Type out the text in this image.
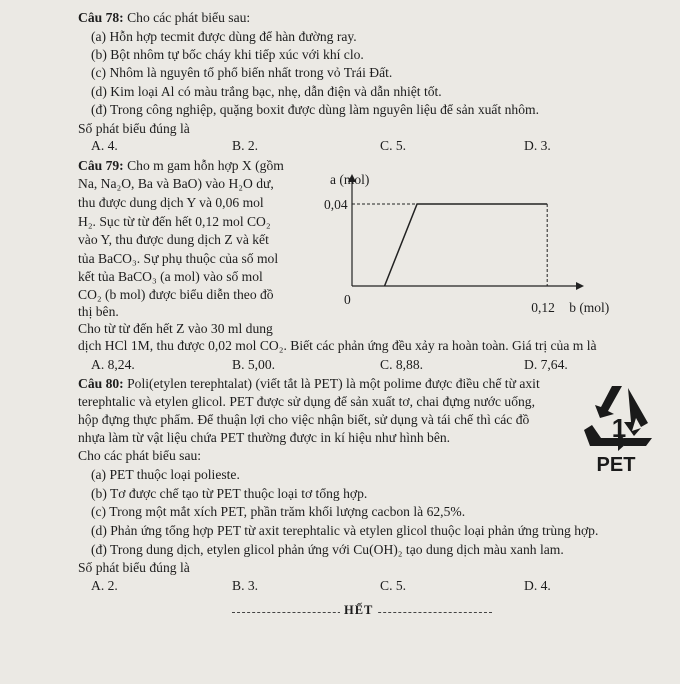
Câu 78: Cho các phát biểu sau:
(a) Hỗn hợp tecmit được dùng để hàn đường ray.
(b) Bột nhôm tự bốc cháy khi tiếp xúc với khí clo.
(c) Nhôm là nguyên tố phổ biến nhất trong vỏ Trái Đất.
(d) Kim loại Al có màu trắng bạc, nhẹ, dẫn điện và dẫn nhiệt tốt.
(đ) Trong công nghiệp, quặng boxit được dùng làm nguyên liệu để sản xuất nhôm.
Số phát biểu đúng là
A. 4.	B. 2.	C. 5.	D. 3.
Câu 79: Cho m gam hỗn hợp X (gồm
Na, Na₂O, Ba và BaO) vào H₂O dư,
thu được dung dịch Y và 0,06 mol
H₂. Sục từ từ đến hết 0,12 mol CO₂
vào Y, thu được dung dịch Z và kết
tủa BaCO₃. Sự phụ thuộc của số mol
kết tủa BaCO₃ (a mol) vào số mol
CO₂ (b mol) được biểu diễn theo đồ
thị bên.
Cho từ từ đến hết Z vào 30 ml dung
dịch HCl 1M, thu được 0,02 mol CO₂. Biết các phản ứng đều xảy ra hoàn toàn. Giá trị của m là
A. 8,24.	B. 5,00.	C. 8,88.	D. 7,64.
a (mol)
b (mol)
0,04
0,12
0
Câu 80: Poli(etylen terephtalat) (viết tắt là PET) là một polime được điều chế từ axit
terephtalic và etylen glicol. PET được sử dụng để sản xuất tơ, chai đựng nước uống,
hộp đựng thực phẩm. Để thuận lợi cho việc nhận biết, sử dụng và tái chế thì các đồ
nhựa làm từ vật liệu chứa PET thường được in kí hiệu như hình bên.
Cho các phát biểu sau:
(a) PET thuộc loại polieste.
(b) Tơ được chế tạo từ PET thuộc loại tơ tổng hợp.
(c) Trong một mắt xích PET, phần trăm khối lượng cacbon là 62,5%.
(d) Phản ứng tổng hợp PET từ axit terephtalic và etylen glicol thuộc loại phản ứng trùng hợp.
(đ) Trong dung dịch, etylen glicol phản ứng với Cu(OH)₂ tạo dung dịch màu xanh lam.
Số phát biểu đúng là
A. 2.	B. 3.	C. 5.	D. 4.
1
PET
HẾT
